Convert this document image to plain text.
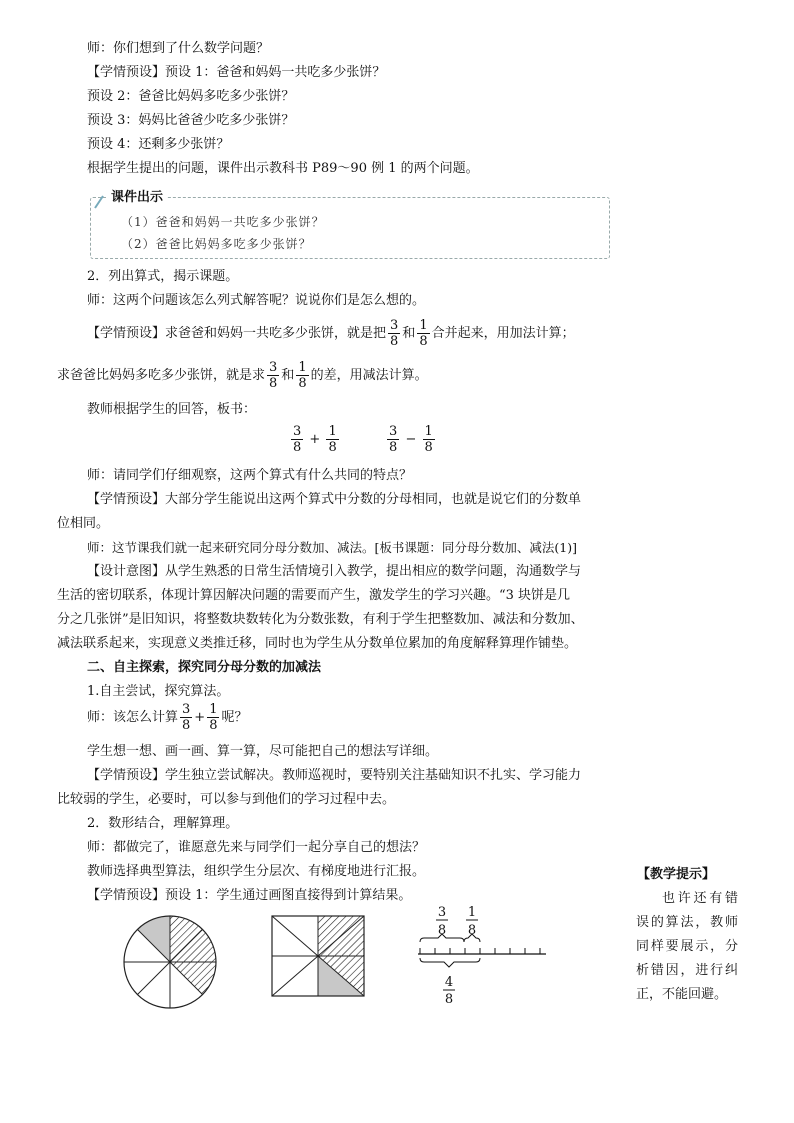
师：你们想到了什么数学问题？
【学情预设】预设 1：爸爸和妈妈一共吃多少张饼？
预设 2：爸爸比妈妈多吃多少张饼？
预设 3：妈妈比爸爸少吃多少张饼？
预设 4：还剩多少张饼？
根据学生提出的问题，课件出示教科书 P89～90 例 1 的两个问题。
课件出示
（1）爸爸和妈妈一共吃多少张饼？
（2）爸爸比妈妈多吃多少张饼？
2．列出算式，揭示课题。
师：这两个问题该怎么列式解答呢？说说你们是怎么想的。
【学情预设】求爸爸和妈妈一共吃多少张饼，就是把 $\frac{3}{8}$ 和 $\frac{1}{8}$ 合并起来，用加法计算；
求爸爸比妈妈多吃多少张饼，就是求 $\frac{3}{8}$ 和 $\frac{1}{8}$ 的差，用减法计算。
教师根据学生的回答，板书：
$\frac{3}{8} + \frac{1}{8}$
	$\frac{3}{8} - \frac{1}{8}$
师：请同学们仔细观察，这两个算式有什么共同的特点？
【学情预设】大部分学生能说出这两个算式中分数的分母相同，也就是说它们的分数单
位相同。
师：这节课我们就一起来研究同分母分数加、减法。[板书课题：同分母分数加、减法(1)]
【设计意图】从学生熟悉的日常生活情境引入教学，提出相应的数学问题，沟通数学与
生活的密切联系，体现计算因解决问题的需要而产生，激发学生的学习兴趣。“3 块饼是几
分之几张饼”是旧知识，将整数块数转化为分数张数，有利于学生把整数加、减法和分数加、
减法联系起来，实现意义类推迁移，同时也为学生从分数单位累加的角度解释算理作铺垫。
二、自主探索，探究同分母分数的加减法
1.自主尝试，探究算法。
师：该怎么计算 $\frac{3}{8} + \frac{1}{8}$ 呢？
学生想一想、画一画、算一算，尽可能把自己的想法写详细。
【学情预设】学生独立尝试解决。教师巡视时，要特别关注基础知识不扎实、学习能力
比较弱的学生，必要时，可以参与到他们的学习过程中去。
2．数形结合，理解算理。
师：都做完了，谁愿意先来与同学们一起分享自己的想法？
教师选择典型算法，组织学生分层次、有梯度地进行汇报。
【学情预设】预设 1：学生通过画图直接得到计算结果。
【教学提示】
也许还有错误的算法，教师同样要展示，分析错因，进行纠正，不能回避。
3
8
1
8
4
8
